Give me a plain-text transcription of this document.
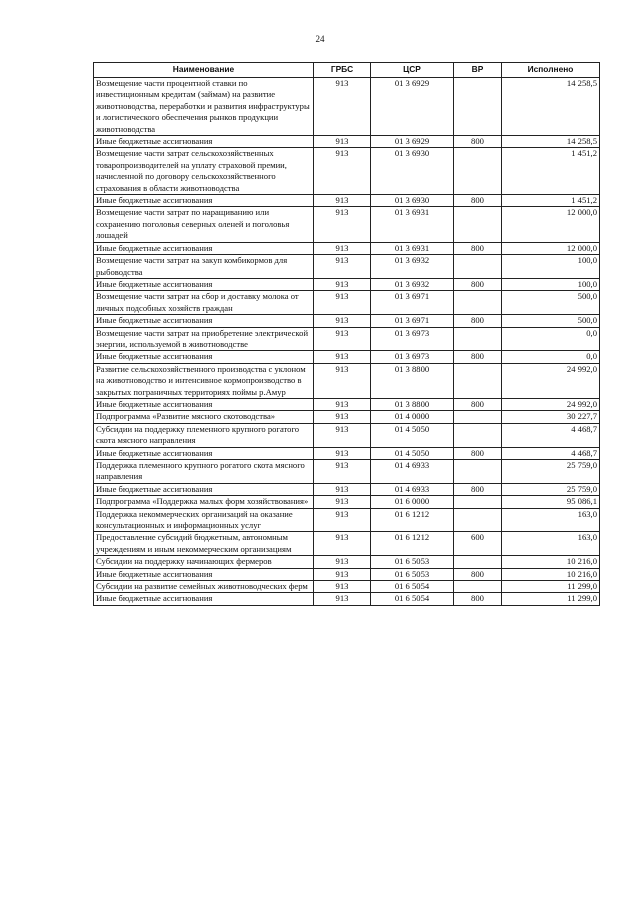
24
Наименование	ГРБС	ЦСР	ВР	Исполнено
Возмещение части процентной ставки по инвестиционным кредитам (займам) на развитие животноводства, переработки и развития инфраструктуры и логистического обеспечения рынков продукции животноводства	913	01 3 6929		14 258,5
Иные бюджетные ассигнования	913	01 3 6929	800	14 258,5
Возмещение части затрат сельскохозяйственных товаропроизводителей на уплату страховой премии, начисленной по договору сельскохозяйственного страхования в области животноводства	913	01 3 6930		1 451,2
Иные бюджетные ассигнования	913	01 3 6930	800	1 451,2
Возмещение части затрат по наращиванию или сохранению поголовья северных оленей и поголовья лошадей	913	01 3 6931		12 000,0
Иные бюджетные ассигнования	913	01 3 6931	800	12 000,0
Возмещение части затрат на закуп комбикормов для рыбоводства	913	01 3 6932		100,0
Иные бюджетные ассигнования	913	01 3 6932	800	100,0
Возмещение части затрат на сбор и доставку молока от личных подсобных хозяйств граждан	913	01 3 6971		500,0
Иные бюджетные ассигнования	913	01 3 6971	800	500,0
Возмещение части затрат на приобретение электрической энергии, используемой в животноводстве	913	01 3 6973		0,0
Иные бюджетные ассигнования	913	01 3 6973	800	0,0
Развитие сельскохозяйственного производства с уклоном на животноводство и интенсивное кормопроизводство в закрытых пограничных территориях поймы р.Амур	913	01 3 8800		24 992,0
Иные бюджетные ассигнования	913	01 3 8800	800	24 992,0
Подпрограмма «Развитие мясного скотоводства»	913	01 4 0000		30 227,7
Субсидии на поддержку племенного крупного рогатого скота мясного направления	913	01 4 5050		4 468,7
Иные бюджетные ассигнования	913	01 4 5050	800	4 468,7
Поддержка племенного крупного рогатого скота мясного направления	913	01 4 6933		25 759,0
Иные бюджетные ассигнования	913	01 4 6933	800	25 759,0
Подпрограмма «Поддержка малых форм хозяйствования»	913	01 6 0000		95 086,1
Поддержка некоммерческих организаций на оказание консультационных и информационных услуг	913	01 6 1212		163,0
Предоставление субсидий бюджетным, автономным учреждениям и иным некоммерческим организациям	913	01 6 1212	600	163,0
Субсидии на поддержку начинающих фермеров	913	01 6 5053		10 216,0
Иные бюджетные ассигнования	913	01 6 5053	800	10 216,0
Субсидии на развитие семейных животноводческих ферм	913	01 6 5054		11 299,0
Иные бюджетные ассигнования	913	01 6 5054	800	11 299,0
